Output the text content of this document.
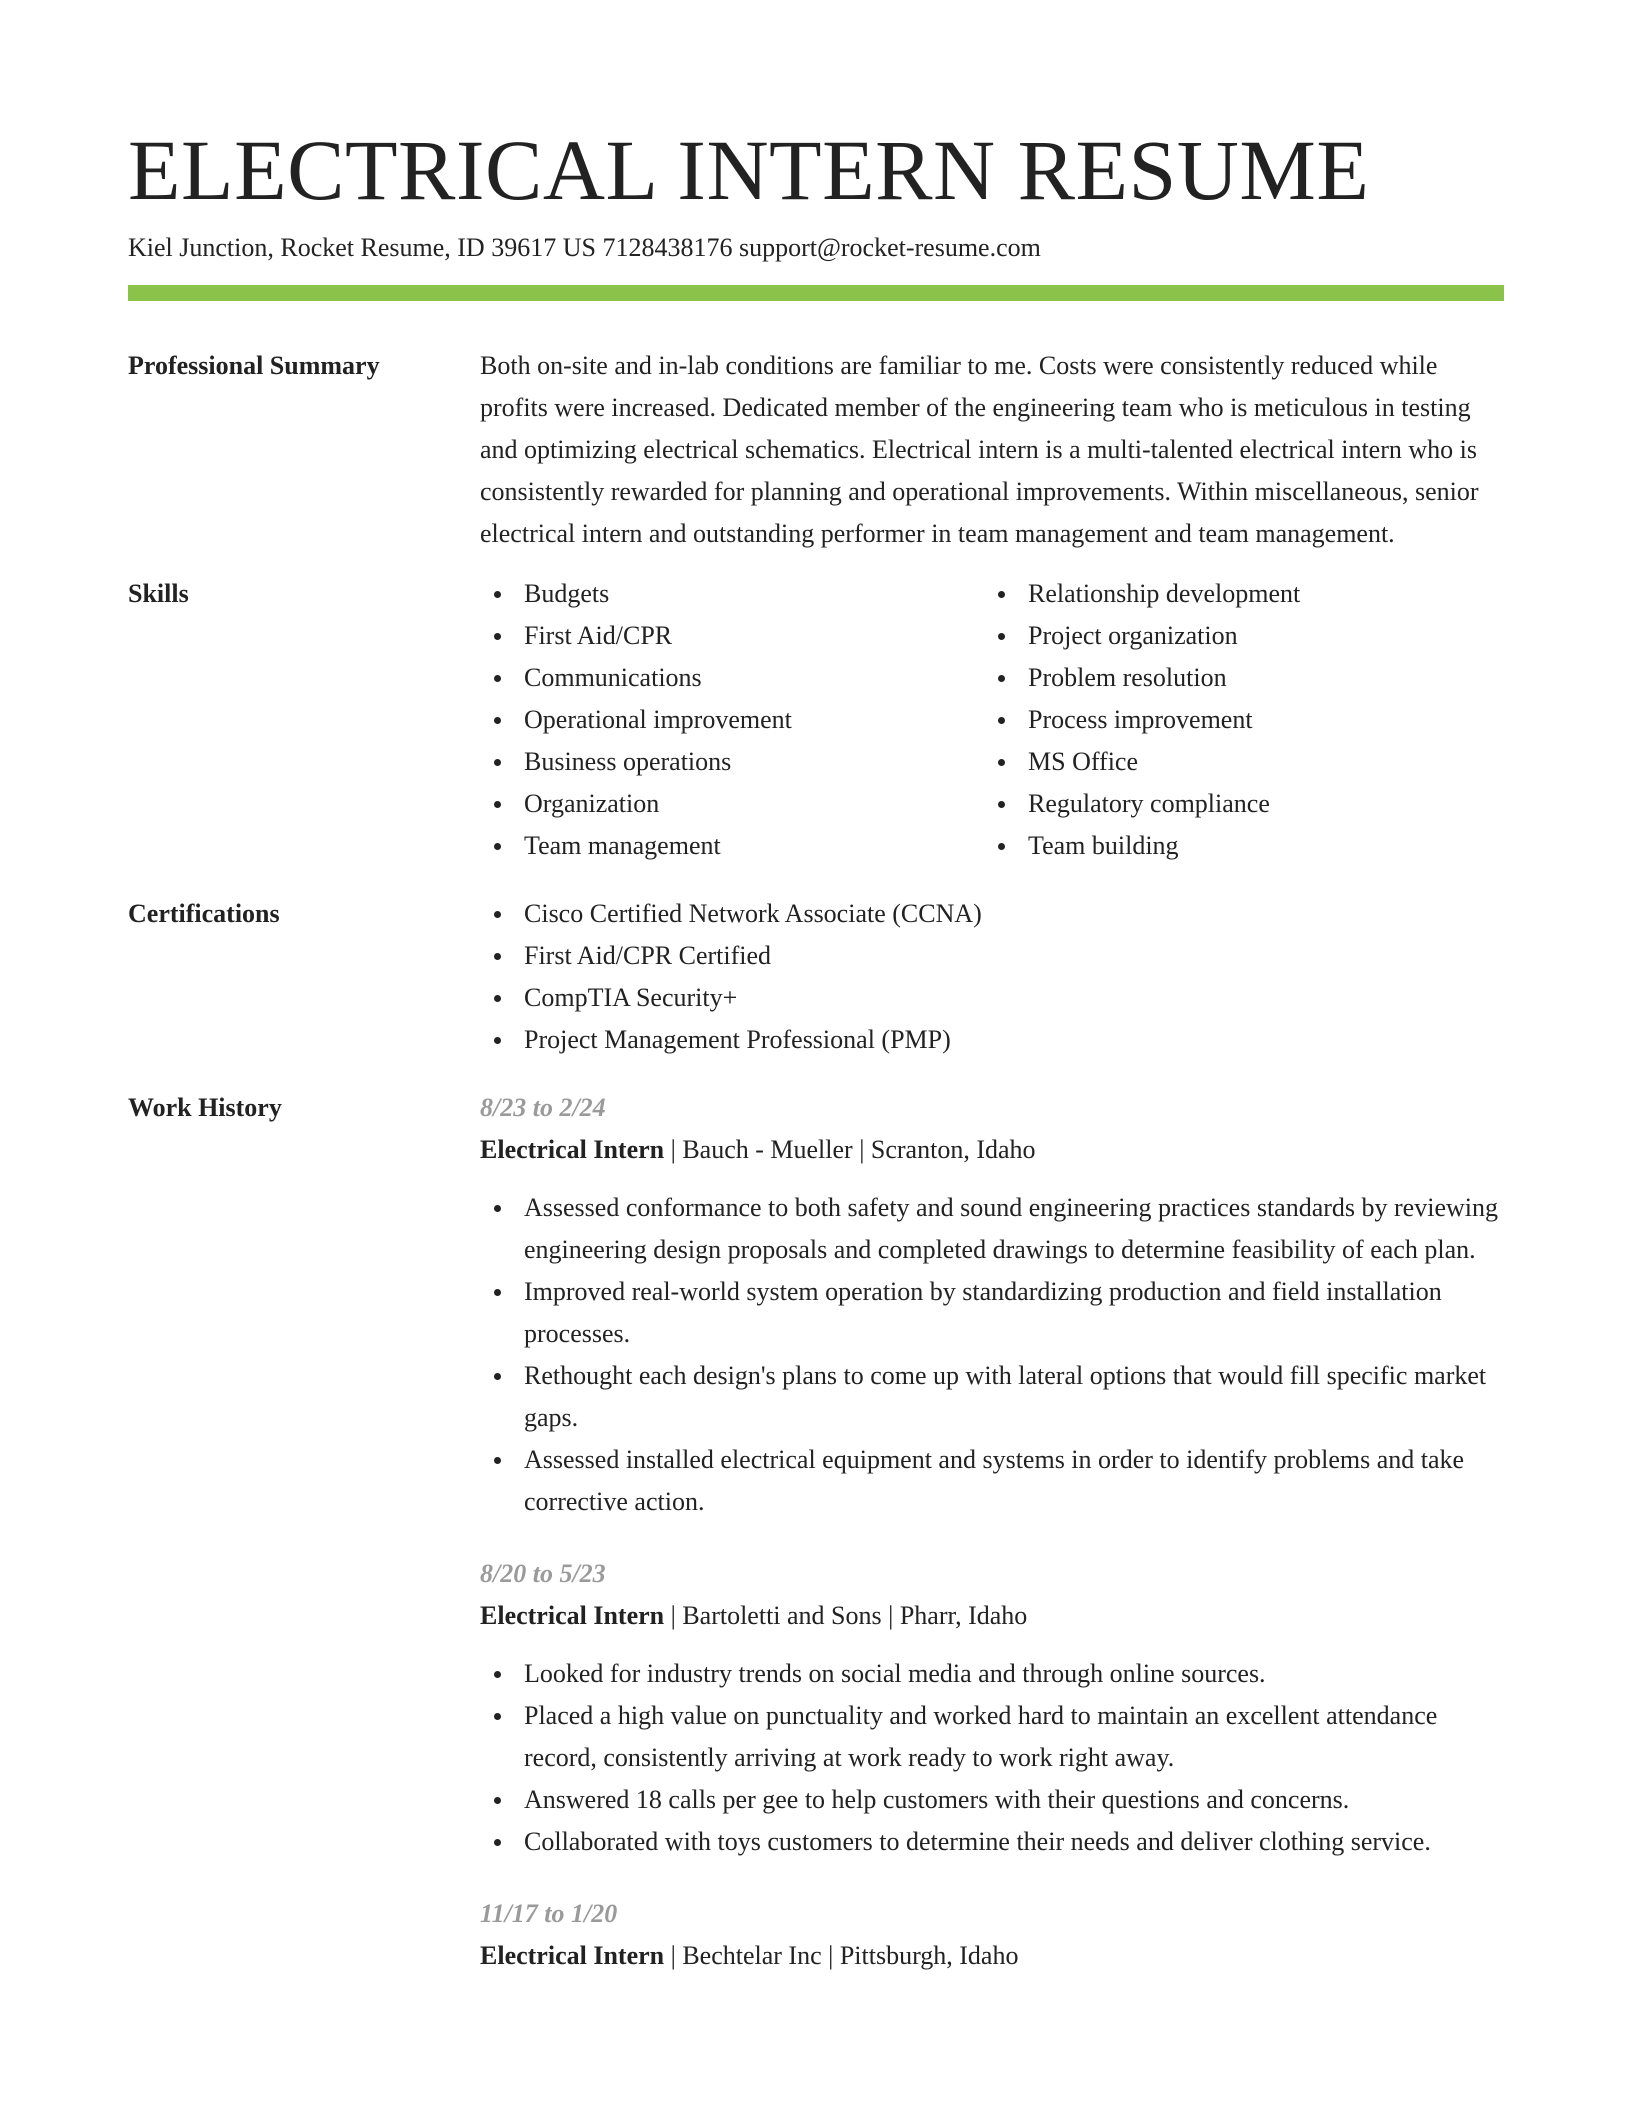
ELECTRICAL INTERN RESUME
Kiel Junction, Rocket Resume, ID 39617 US 7128438176 support@rocket-resume.com
Professional Summary	Both on-site and in-lab conditions are familiar to me. Costs were consistently reduced while profits were increased. Dedicated member of the engineering team who is meticulous in testing and optimizing electrical schematics. Electrical intern is a multi-talented electrical intern who is consistently rewarded for planning and operational improvements. Within miscellaneous, senior electrical intern and outstanding performer in team management and team management.

Skills	Budgets
First Aid/CPR
Communications
Operational improvement
Business operations
Organization
Team management
Relationship development
Project organization
Problem resolution
Process improvement
MS Office
Regulatory compliance
Team building
Certifications	Cisco Certified Network Associate (CCNA)
First Aid/CPR Certified
CompTIA Security+
Project Management Professional (PMP)
Work History	8/23 to 2/24
Electrical Intern | Bauch - Mueller | Scranton, Idaho
Assessed conformance to both safety and sound engineering practices standards by reviewing engineering design proposals and completed drawings to determine feasibility of each plan.
Improved real-world system operation by standardizing production and field installation processes.
Rethought each design's plans to come up with lateral options that would fill specific market gaps.
Assessed installed electrical equipment and systems in order to identify problems and take corrective action.
8/20 to 5/23
Electrical Intern | Bartoletti and Sons | Pharr, Idaho
Looked for industry trends on social media and through online sources.
Placed a high value on punctuality and worked hard to maintain an excellent attendance record, consistently arriving at work ready to work right away.
Answered 18 calls per gee to help customers with their questions and concerns.
Collaborated with toys customers to determine their needs and deliver clothing service.
11/17 to 1/20
Electrical Intern | Bechtelar Inc | Pittsburgh, Idaho
